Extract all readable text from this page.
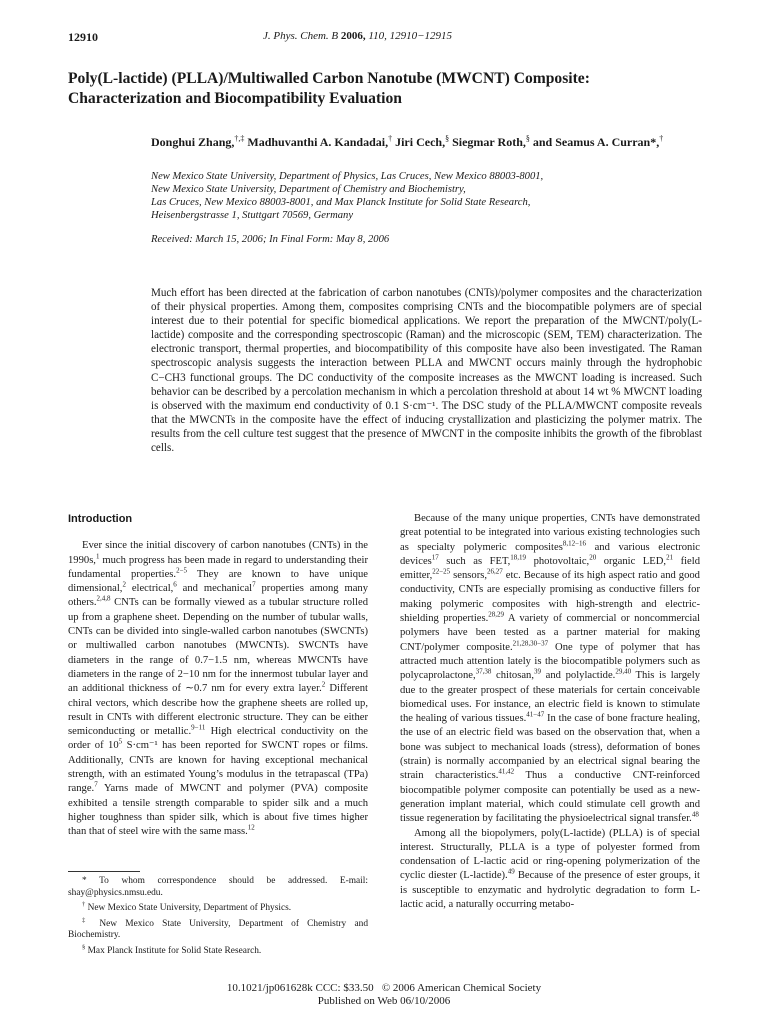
12910	J. Phys. Chem. B 2006, 110, 12910−12915
Poly(L-lactide) (PLLA)/Multiwalled Carbon Nanotube (MWCNT) Composite:
Characterization and Biocompatibility Evaluation
Donghui Zhang,†,‡ Madhuvanthi A. Kandadai,† Jiri Cech,§ Siegmar Roth,§ and Seamus A. Curran*,†
New Mexico State University, Department of Physics, Las Cruces, New Mexico 88003-8001,
New Mexico State University, Department of Chemistry and Biochemistry,
Las Cruces, New Mexico 88003-8001, and Max Planck Institute for Solid State Research,
Heisenbergstrasse 1, Stuttgart 70569, Germany
Received: March 15, 2006; In Final Form: May 8, 2006

Much effort has been directed at the fabrication of carbon nanotubes (CNTs)/polymer composites and the characterization of their physical properties. Among them, composites comprising CNTs and the biocompatible polymers are of special interest due to their potential for specific biomedical applications. We report the preparation of the MWCNT/poly(L-lactide) composite and the corresponding spectroscopic (Raman) and the microscopic (SEM, TEM) characterization. The electronic transport, thermal properties, and biocompatibility of this composite have also been investigated. The Raman spectroscopic analysis suggests the interaction between PLLA and MWCNT occurs mainly through the hydrophobic C−CH3 functional groups. The DC conductivity of the composite increases as the MWCNT loading is increased. Such behavior can be described by a percolation mechanism in which a percolation threshold at about 14 wt % MWCNT loading is observed with the maximum end conductivity of 0.1 S·cm⁻¹. The DSC study of the PLLA/MWCNT composite reveals that the MWCNTs in the composite have the effect of inducing crystallization and plasticizing the polymer matrix. The results from the cell culture test suggest that the presence of MWCNT in the composite inhibits the growth of the fibroblast cells.

Introduction

Ever since the initial discovery of carbon nanotubes (CNTs) in the 1990s,$^1$ much progress has been made in regard to understanding their fundamental properties.$^{2-5}$ They are known to have unique dimensional,$^2$ electrical,$^6$ and mechanical$^7$ properties among many others.$^{2,4,8}$ CNTs can be formally viewed as a tubular structure rolled up from a graphene sheet. Depending on the number of tubular walls, CNTs can be divided into single-walled carbon nanotubes (SWCNTs) or multiwalled carbon nanotubes (MWCNTs). SWCNTs have diameters in the range of 0.7−1.5 nm, whereas MWCNTs have diameters in the range of 2−10 nm for the innermost tubular layer and an additional thickness of ∼0.7 nm for every extra layer.$^2$ Different chiral vectors, which describe how the graphene sheets are rolled up, result in CNTs with different electronic structure. They can be either semiconducting or metallic.$^{9-11}$ High electrical conductivity on the order of $10^5$ S·cm⁻¹ has been reported for SWCNT ropes or films. Additionally, CNTs are known for having exceptional mechanical strength, with an estimated Young’s modulus in the tetrapascal (TPa) range.$^7$ Yarns made of MWCNT and polymer (PVA) composite exhibited a tensile strength comparable to spider silk and a much higher toughness than spider silk, which is about five times higher than that of steel wire with the same mass.$^{12}$

Because of the many unique properties, CNTs have demonstrated great potential to be integrated into various existing technologies such as specialty polymeric composites$^{8,12-16}$ and various electronic devices$^{17}$ such as FET,$^{18,19}$ photovoltaic,$^{20}$ organic LED,$^{21}$ field emitter,$^{22-25}$ sensors,$^{26,27}$ etc. Because of its high aspect ratio and good conductivity, CNTs are especially promising as conductive fillers for making polymeric composites with high-strength and electric-shielding properties.$^{28,29}$ A variety of commercial or noncommercial polymers have been tested as a partner material for making CNT/polymer composite.$^{21,28,30-37}$ One type of polymer that has attracted much attention lately is the biocompatible polymers such as polycaprolactone,$^{37,38}$ chitosan,$^{39}$ and polylactide.$^{29,40}$ This is largely due to the greater prospect of these materials for certain conceivable biomedical uses. For instance, an electric field is known to stimulate the healing of various tissues.$^{41-47}$ In the case of bone fracture healing, the use of an electric field was based on the observation that, when a bone was subject to mechanical loads (stress), deformation of bones (strain) is normally accompanied by an electrical signal bearing the strain characteristics.$^{41,42}$ Thus a conductive CNT-reinforced biocompatible polymer composite can potentially be used as a new-generation implant material, which could stimulate cell growth and tissue regeneration by facilitating the physioelectrical signal transfer.$^{48}$

Among all the biopolymers, poly(L-lactide) (PLLA) is of special interest. Structurally, PLLA is a type of polyester formed from condensation of L-lactic acid or ring-opening polymerization of the cyclic diester (L-lactide).$^{49}$ Because of the presence of ester groups, it is susceptible to enzymatic and hydrolytic degradation to form L-lactic acid, a naturally occurring metabo-

* To whom correspondence should be addressed. E-mail: shay@physics.nmsu.edu.

† New Mexico State University, Department of Physics.

‡ New Mexico State University, Department of Chemistry and Biochemistry.

§ Max Planck Institute for Solid State Research.

10.1021/jp061628k CCC: $33.50   © 2006 American Chemical Society
Published on Web 06/10/2006
